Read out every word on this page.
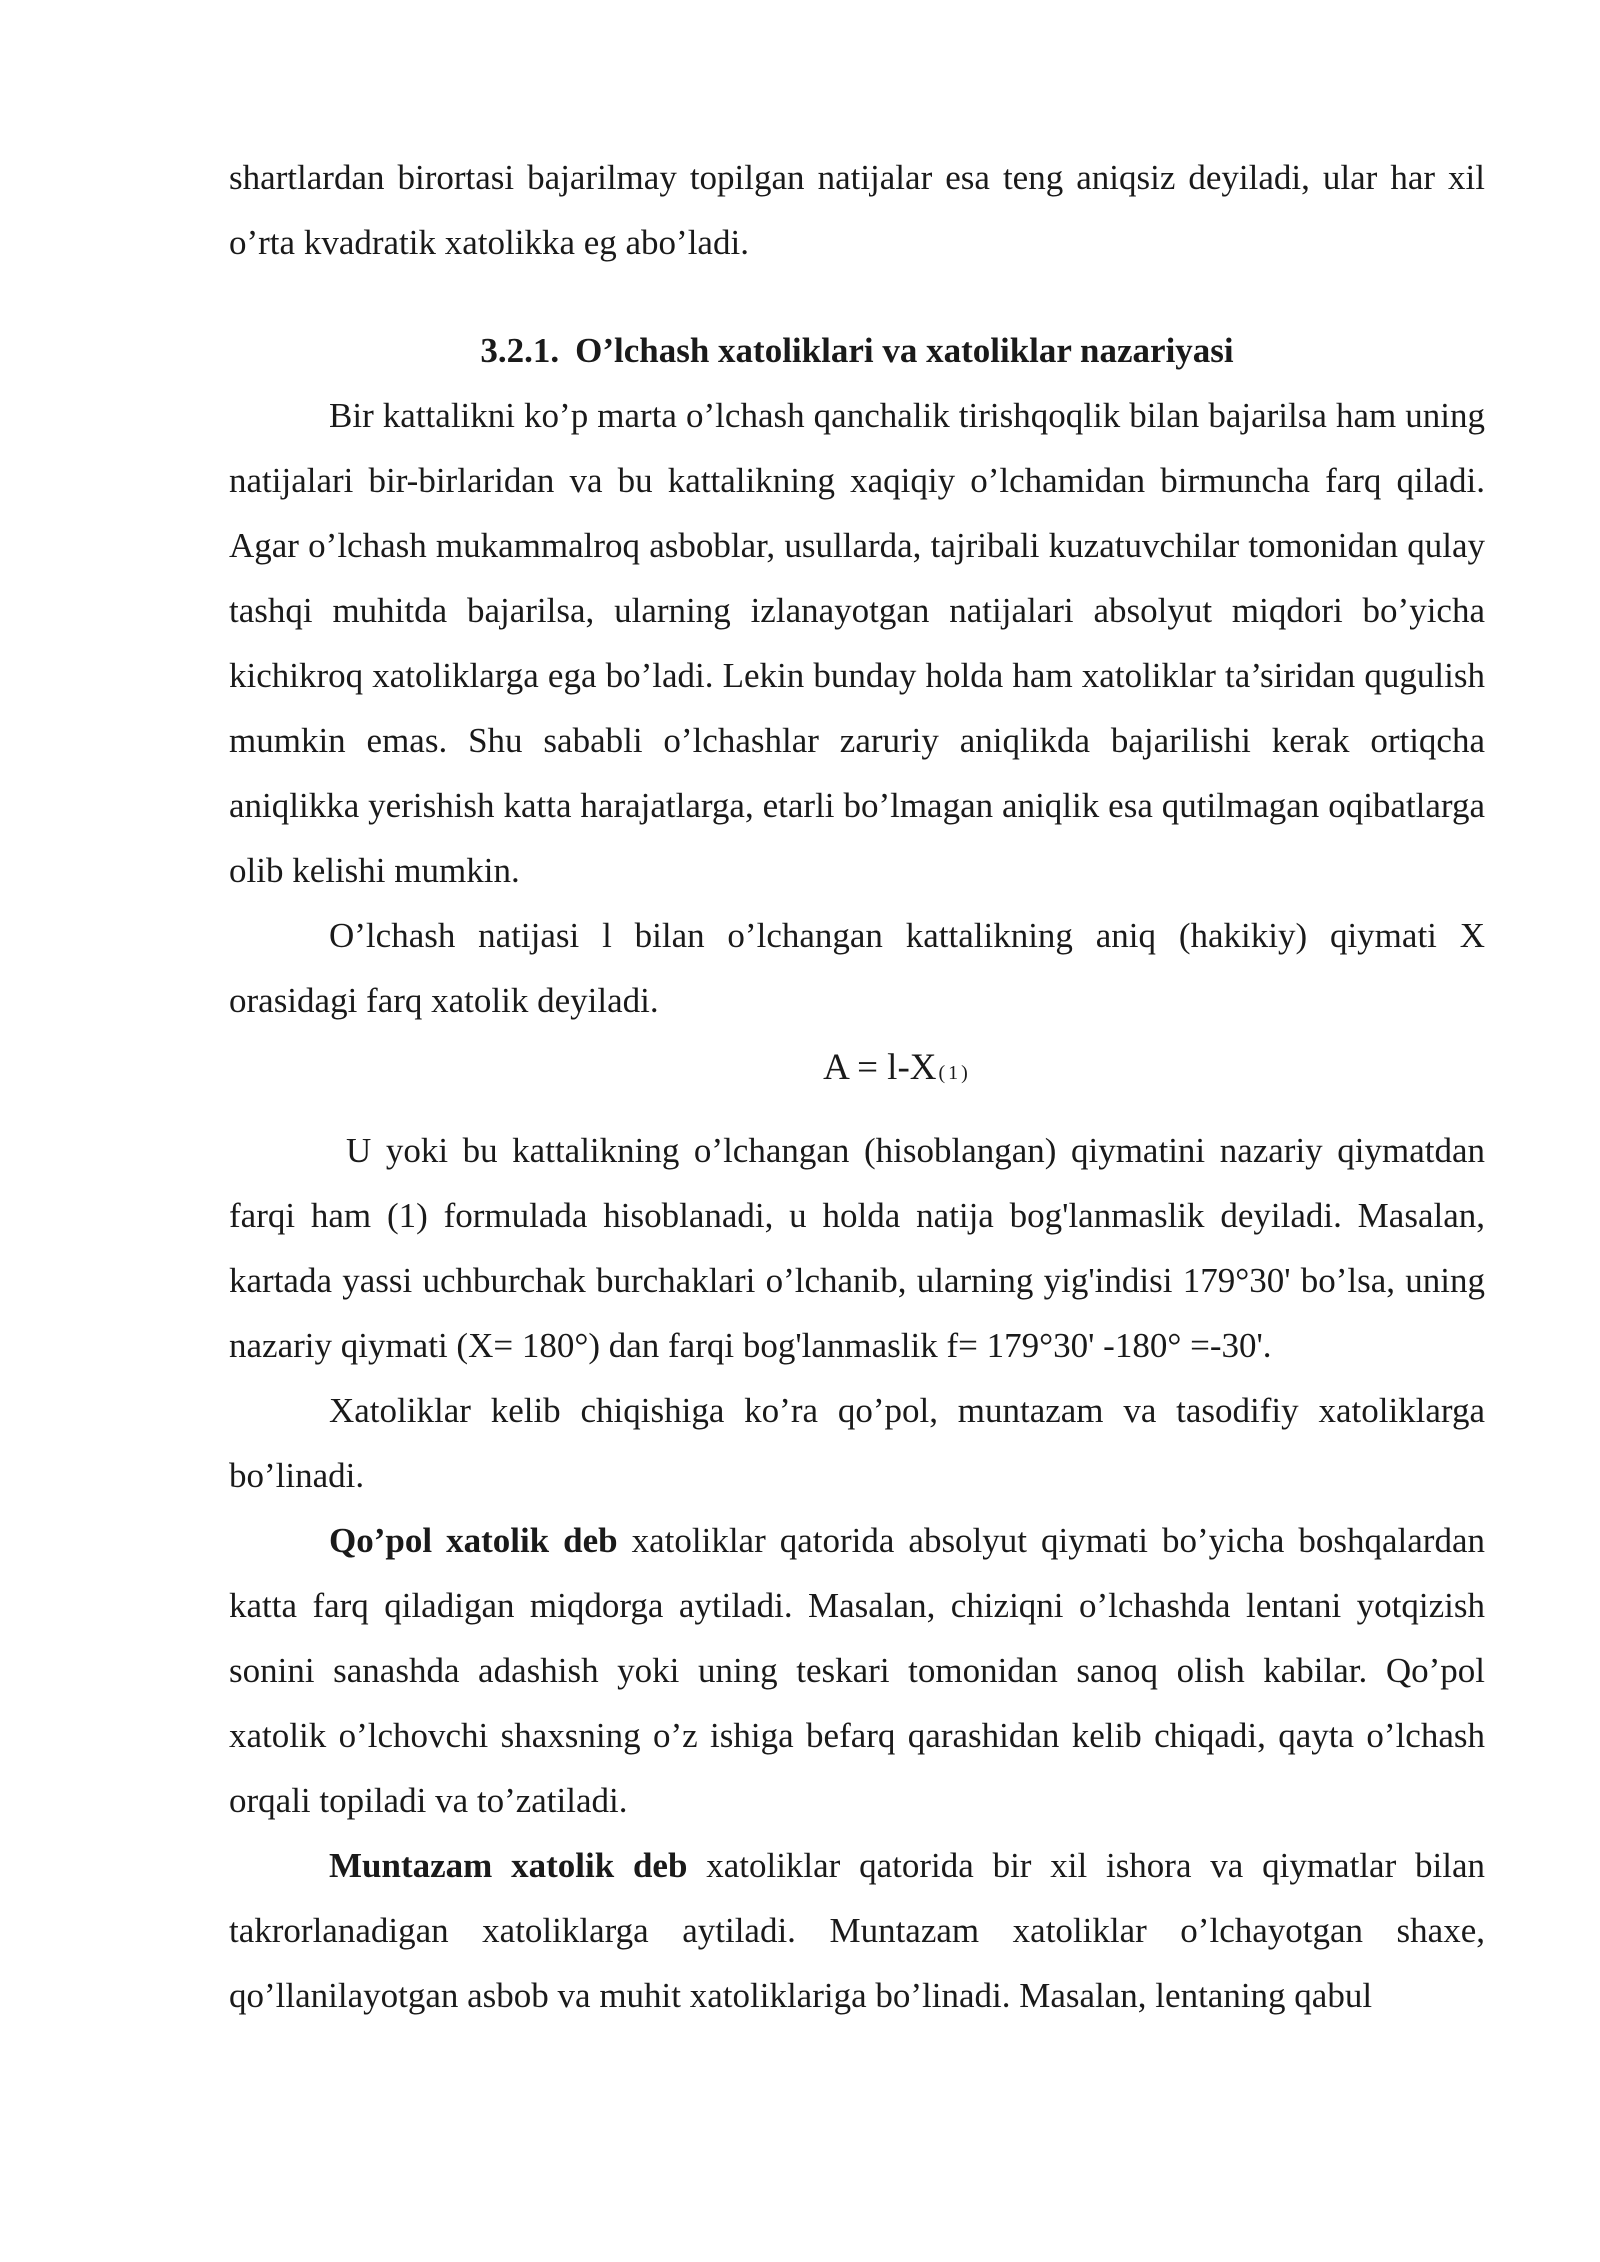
shartlardan birortasi bajarilmay topilgan natijalar esa teng aniqsiz deyiladi, ular har xil o’rta kvadratik xatolikka eg abo’ladi.

3.2.1. O’lchash xatoliklari va xatoliklar nazariyasi

Bir kattalikni ko’p marta o’lchash qanchalik tirishqoqlik bilan bajarilsa ham uning natijalari bir-birlaridan va bu kattalikning xaqiqiy o’lchamidan birmuncha farq qiladi. Agar o’lchash mukammalroq asboblar, usullarda, tajribali kuzatuvchilar tomonidan qulay tashqi muhitda bajarilsa, ularning izlanayotgan natijalari absolyut miqdori bo’yicha kichikroq xatoliklarga ega bo’ladi. Lekin bunday holda ham xatoliklar ta’siridan qugulish mumkin emas. Shu sababli o’lchashlar zaruriy aniqlikda bajarilishi kerak ortiqcha aniqlikka yerishish katta harajatlarga, etarli bo’lmagan aniqlik esa qutilmagan oqibatlarga olib kelishi mumkin.

O’lchash natijasi l bilan o’lchangan kattalikning aniq (hakikiy) qiymati X orasidagi farq xatolik deyiladi.

A = l-X (1)

U yoki bu kattalikning o’lchangan (hisoblangan) qiymatini nazariy qiymatdan farqi ham (1) formulada hisoblanadi, u holda natija bog'lanmaslik deyiladi. Masalan, kartada yassi uchburchak burchaklari o’lchanib, ularning yig'indisi 179°30' bo’lsa, uning nazariy qiymati (X= 180°) dan farqi bog'lanmaslik f= 179°30' -180° =-30'.

Xatoliklar kelib chiqishiga ko’ra qo’pol, muntazam va tasodifiy xatoliklarga bo’linadi.

Qo’pol xatolik deb xatoliklar qatorida absolyut qiymati bo’yicha boshqalardan katta farq qiladigan miqdorga aytiladi. Masalan, chiziqni o’lchashda lentani yotqizish sonini sanashda adashish yoki uning teskari tomonidan sanoq olish kabilar. Qo’pol xatolik o’lchovchi shaxsning o’z ishiga befarq qarashidan kelib chiqadi, qayta o’lchash orqali topiladi va to’zatiladi.

Muntazam xatolik deb xatoliklar qatorida bir xil ishora va qiymatlar bilan takrorlanadigan xatoliklarga aytiladi. Muntazam xatoliklar o’lchayotgan shaxe, qo’llanilayotgan asbob va muhit xatoliklariga bo’linadi. Masalan, lentaning qabul
